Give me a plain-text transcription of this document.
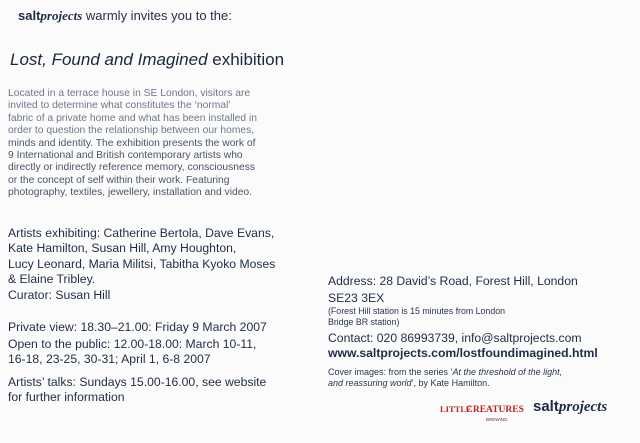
saltprojects warmly invites you to the:
Lost, Found and Imagined exhibition
Located in a terrace house in SE London, visitors are
invited to determine what constitutes the ‘normal’
fabric of a private home and what has been installed in
order to question the relationship between our homes,
minds and identity. The exhibition presents the work of
9 International and British contemporary artists who
directly or indirectly reference memory, consciousness
or the concept of self within their work. Featuring
photography, textiles, jewellery, installation and video.
Artists exhibiting: Catherine Bertola, Dave Evans,
Kate Hamilton, Susan Hill, Amy Houghton,
Lucy Leonard, Maria Militsi, Tabitha Kyoko Moses
& Elaine Tribley.
Curator: Susan Hill
Private view: 18.30–21.00: Friday 9 March 2007
Open to the public: 12.00-18.00: March 10-11,
16-18, 23-25, 30-31; April 1, 6-8 2007
Artists’ talks: Sundays 15.00-16.00, see website
for further information
Address: 28 David’s Road, Forest Hill, London
SE23 3EX
(Forest Hill station is 15 minutes from London
Bridge BR station)
Contact: 020 86993739, info@saltprojects.com
www.saltprojects.com/lostfoundimagined.html
Cover images: from the series ‘At the threshold of the light,
and reassuring world’, by Kate Hamilton.
LITTLE
CREATURES
BREWING
saltprojects
